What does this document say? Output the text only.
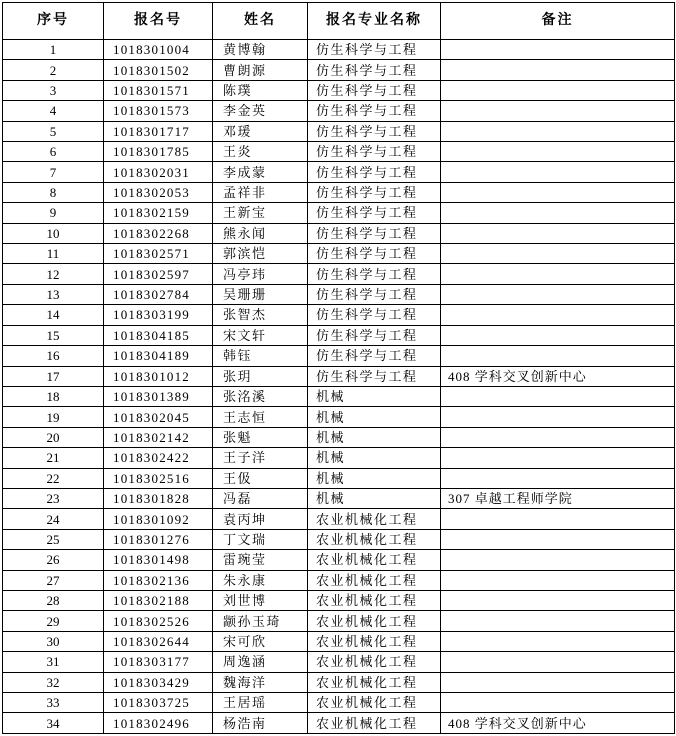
序号	报名号	姓名	报名专业名称	备注
1	1018301004	黄博翰	仿生科学与工程	
2	1018301502	曹朗源	仿生科学与工程	
3	1018301571	陈璞	仿生科学与工程	
4	1018301573	李金英	仿生科学与工程	
5	1018301717	邓瑗	仿生科学与工程	
6	1018301785	王炎	仿生科学与工程	
7	1018302031	李成蒙	仿生科学与工程	
8	1018302053	孟祥非	仿生科学与工程	
9	1018302159	王新宝	仿生科学与工程	
10	1018302268	熊永闻	仿生科学与工程	
11	1018302571	郭滨恺	仿生科学与工程	
12	1018302597	冯亭玮	仿生科学与工程	
13	1018302784	吴珊珊	仿生科学与工程	
14	1018303199	张智杰	仿生科学与工程	
15	1018304185	宋文轩	仿生科学与工程	
16	1018304189	韩钰	仿生科学与工程	
17	1018301012	张玥	仿生科学与工程	408 学科交叉创新中心
18	1018301389	张洺溪	机械	
19	1018302045	王志恒	机械	
20	1018302142	张魁	机械	
21	1018302422	王子洋	机械	
22	1018302516	王伋	机械	
23	1018301828	冯磊	机械	307 卓越工程师学院
24	1018301092	袁丙坤	农业机械化工程	
25	1018301276	丁文瑞	农业机械化工程	
26	1018301498	雷琬莹	农业机械化工程	
27	1018302136	朱永康	农业机械化工程	
28	1018302188	刘世博	农业机械化工程	
29	1018302526	颛孙玉琦	农业机械化工程	
30	1018302644	宋可欣	农业机械化工程	
31	1018303177	周逸涵	农业机械化工程	
32	1018303429	魏海洋	农业机械化工程	
33	1018303725	王居瑶	农业机械化工程	
34	1018302496	杨浩南	农业机械化工程	408 学科交叉创新中心
